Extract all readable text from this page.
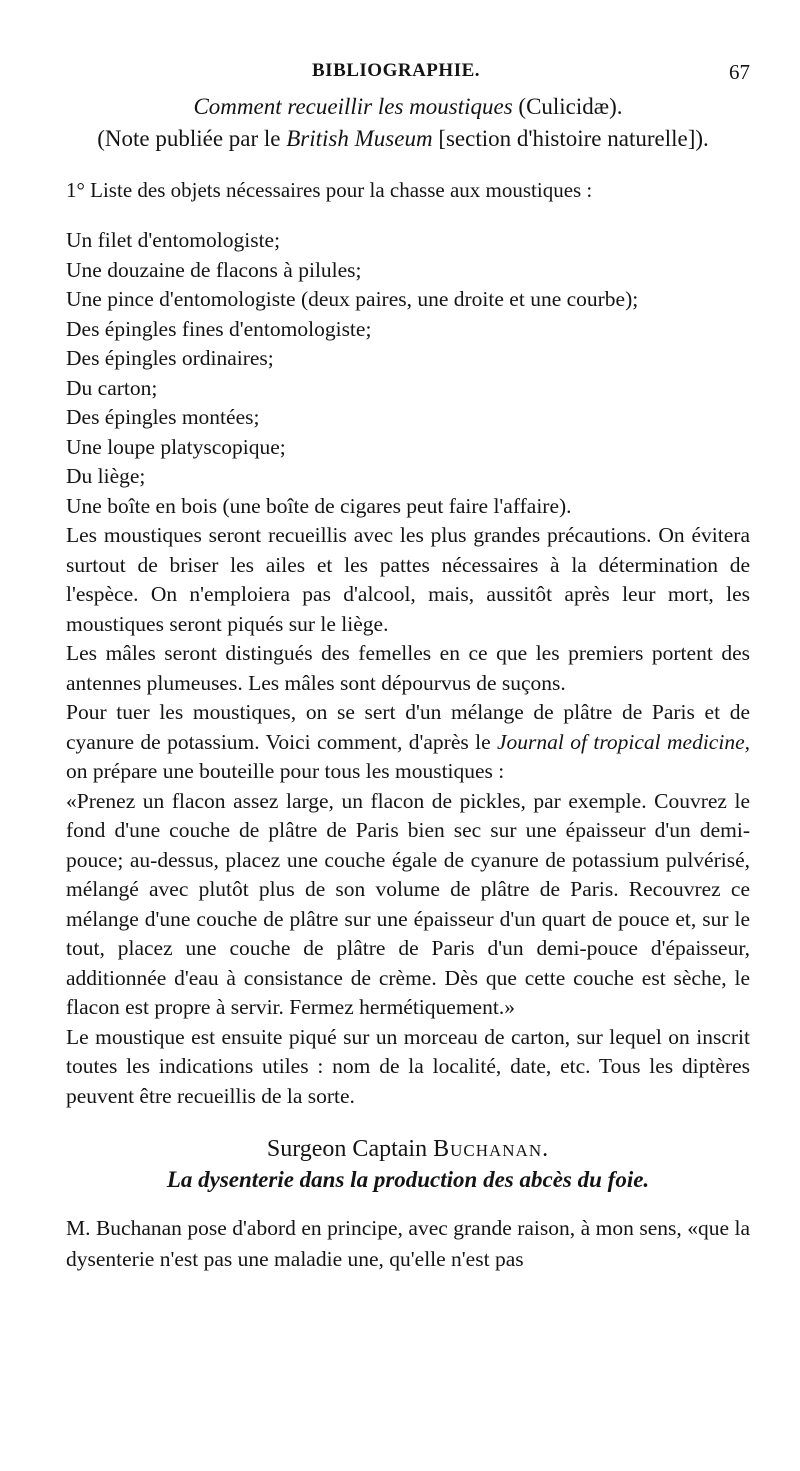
BIBLIOGRAPHIE.	67
Comment recueillir les moustiques (Culicidæ).
(Note publiée par le British Museum [section d'histoire naturelle]).

1° Liste des objets nécessaires pour la chasse aux moustiques :

Un filet d'entomologiste;
Une douzaine de flacons à pilules;
Une pince d'entomologiste (deux paires, une droite et une courbe);
Des épingles fines d'entomologiste;
Des épingles ordinaires;
Du carton;
Des épingles montées;
Une loupe platyscopique;
Du liège;
Une boîte en bois (une boîte de cigares peut faire l'affaire).

Les moustiques seront recueillis avec les plus grandes précautions. On évitera surtout de briser les ailes et les pattes nécessaires à la détermination de l'espèce. On n'emploiera pas d'alcool, mais, aussitôt après leur mort, les moustiques seront piqués sur le liège.

Les mâles seront distingués des femelles en ce que les premiers portent des antennes plumeuses. Les mâles sont dépourvus de suçons.

Pour tuer les moustiques, on se sert d'un mélange de plâtre de Paris et de cyanure de potassium. Voici comment, d'après le Journal of tropical medicine, on prépare une bouteille pour tous les moustiques :

«Prenez un flacon assez large, un flacon de pickles, par exemple. Couvrez le fond d'une couche de plâtre de Paris bien sec sur une épaisseur d'un demi-pouce; au-dessus, placez une couche égale de cyanure de potassium pulvérisé, mélangé avec plutôt plus de son volume de plâtre de Paris. Recouvrez ce mélange d'une couche de plâtre sur une épaisseur d'un quart de pouce et, sur le tout, placez une couche de plâtre de Paris d'un demi-pouce d'épaisseur, additionnée d'eau à consistance de crème. Dès que cette couche est sèche, le flacon est propre à servir. Fermez hermétiquement.»

Le moustique est ensuite piqué sur un morceau de carton, sur lequel on inscrit toutes les indications utiles : nom de la localité, date, etc. Tous les diptères peuvent être recueillis de la sorte.

Surgeon Captain Buchanan.
La dysenterie dans la production des abcès du foie.

M. Buchanan pose d'abord en principe, avec grande raison, à mon sens, «que la dysenterie n'est pas une maladie une, qu'elle n'est pas
